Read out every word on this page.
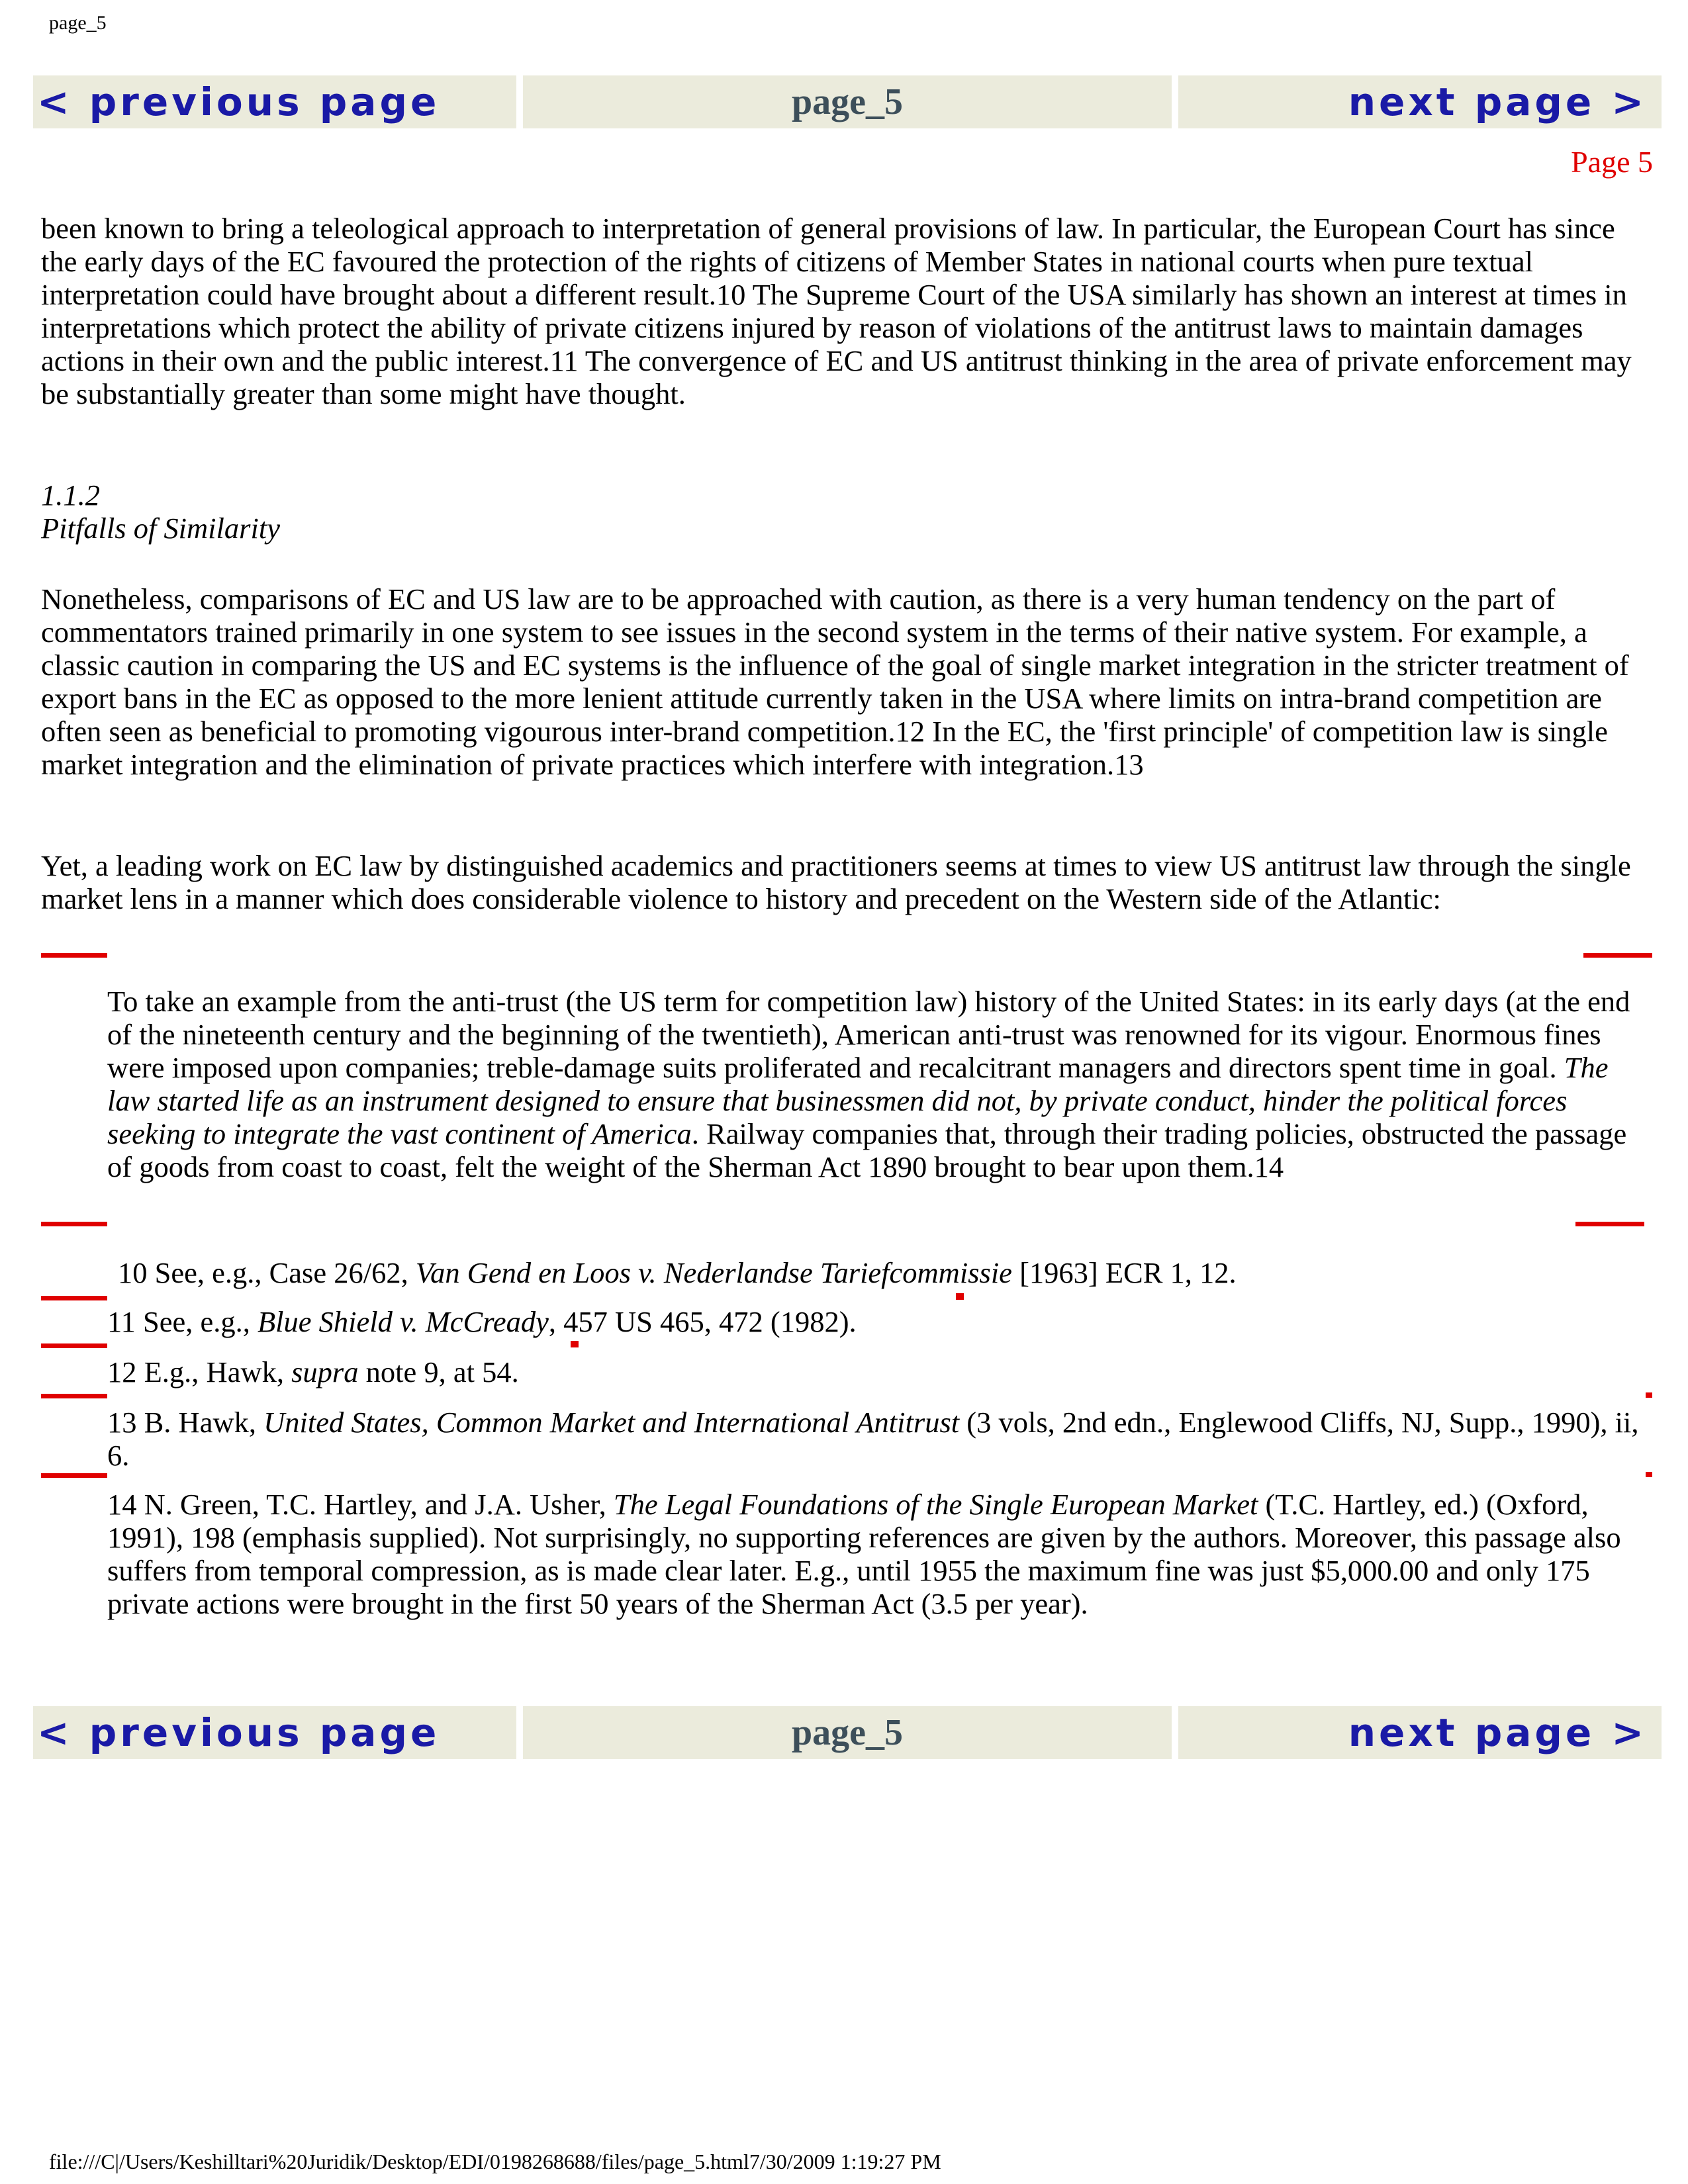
page_5
< previous page	page_5	next page >
Page 5

been known to bring a teleological approach to interpretation of general provisions of law. In particular, the European Court has since the early days of the EC favoured the protection of the rights of citizens of Member States in national courts when pure textual interpretation could have brought about a different result.10 The Supreme Court of the USA similarly has shown an interest at times in interpretations which protect the ability of private citizens injured by reason of violations of the antitrust laws to maintain damages actions in their own and the public interest.11 The convergence of EC and US antitrust thinking in the area of private enforcement may be substantially greater than some might have thought.

1.1.2

Pitfalls of Similarity

Nonetheless, comparisons of EC and US law are to be approached with caution, as there is a very human tendency on the part of commentators trained primarily in one system to see issues in the second system in the terms of their native system. For example, a classic caution in comparing the US and EC systems is the influence of the goal of single market integration in the stricter treatment of export bans in the EC as opposed to the more lenient attitude currently taken in the USA where limits on intra-brand competition are often seen as beneficial to promoting vigourous inter-brand competition.12 In the EC, the 'first principle' of competition law is single market integration and the elimination of private practices which interfere with integration.13

Yet, a leading work on EC law by distinguished academics and practitioners seems at times to view US antitrust law through the single market lens in a manner which does considerable violence to history and precedent on the Western side of the Atlantic:

To take an example from the anti-trust (the US term for competition law) history of the United States: in its early days (at the end of the nineteenth century and the beginning of the twentieth), American anti-trust was renowned for its vigour. Enormous fines were imposed upon companies; treble-damage suits proliferated and recalcitrant managers and directors spent time in goal. The law started life as an instrument designed to ensure that businessmen did not, by private conduct, hinder the political forces seeking to integrate the vast continent of America. Railway companies that, through their trading policies, obstructed the passage of goods from coast to coast, felt the weight of the Sherman Act 1890 brought to bear upon them.14

10 See, e.g., Case 26/62, Van Gend en Loos v. Nederlandse Tariefcommissie [1963] ECR 1, 12.

11 See, e.g., Blue Shield v. McCready, 457 US 465, 472 (1982).

12 E.g., Hawk, supra note 9, at 54.

13 B. Hawk, United States, Common Market and International Antitrust (3 vols, 2nd edn., Englewood Cliffs, NJ, Supp., 1990), ii, 6.

14 N. Green, T.C. Hartley, and J.A. Usher, The Legal Foundations of the Single European Market (T.C. Hartley, ed.) (Oxford, 1991), 198 (emphasis supplied). Not surprisingly, no supporting references are given by the authors. Moreover, this passage also suffers from temporal compression, as is made clear later. E.g., until 1955 the maximum fine was just $5,000.00 and only 175 private actions were brought in the first 50 years of the Sherman Act (3.5 per year).

< previous page	page_5	next page >
file:///C|/Users/Keshilltari%20Juridik/Desktop/EDI/0198268688/files/page_5.html7/30/2009 1:19:27 PM
